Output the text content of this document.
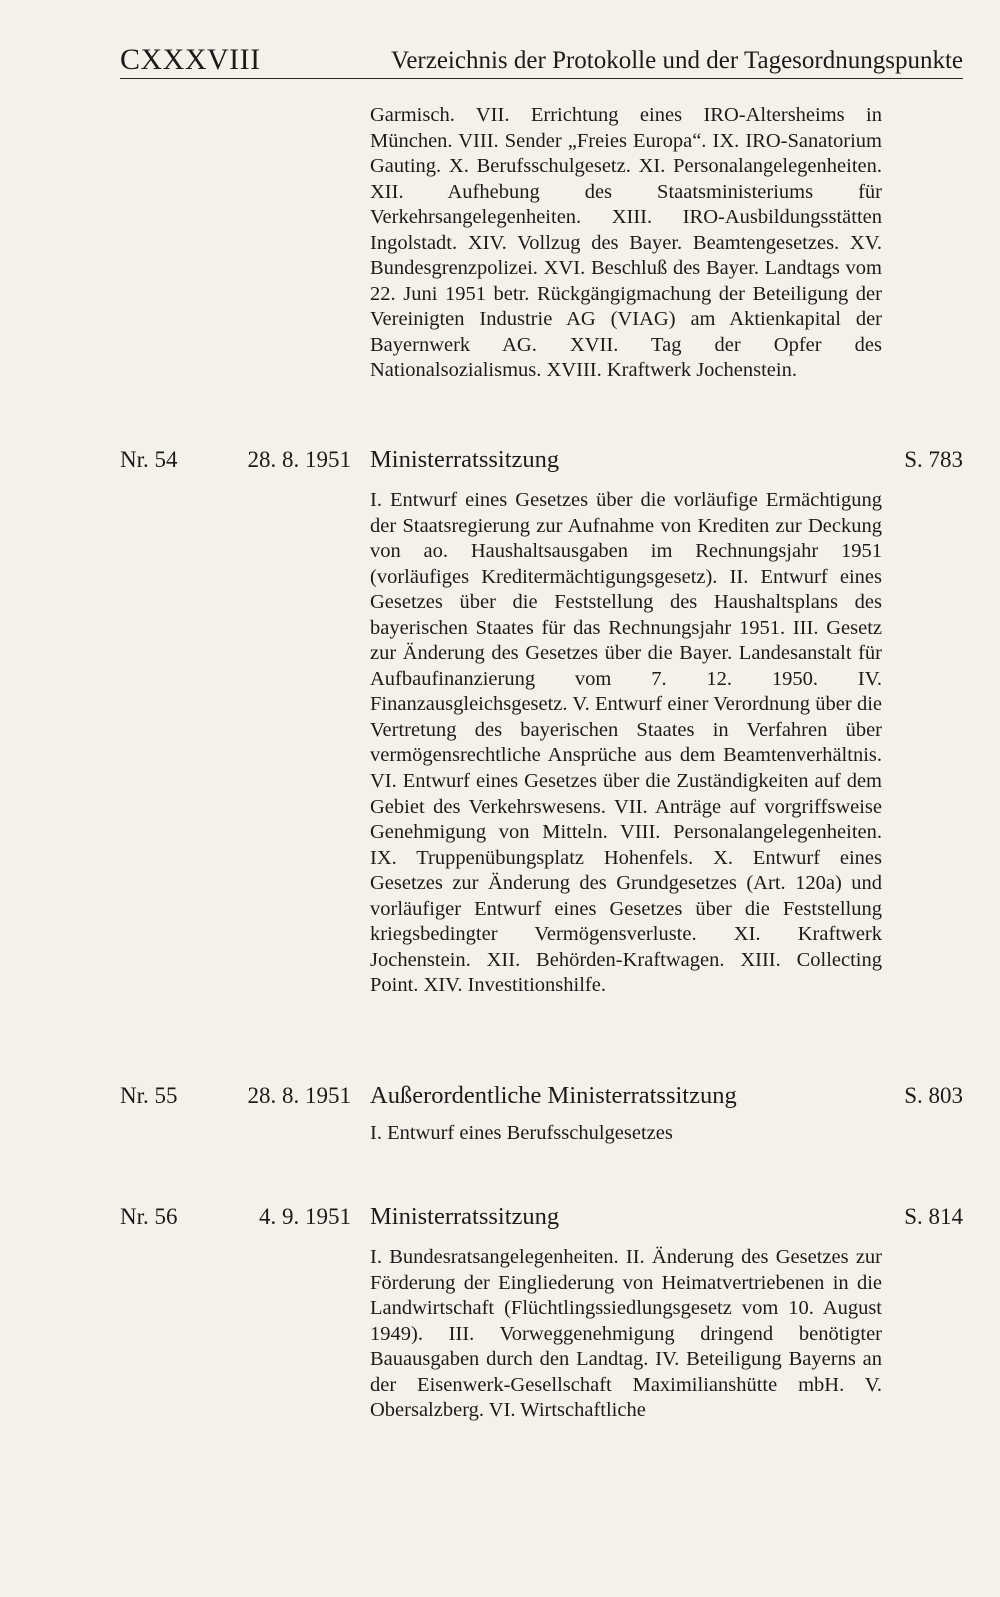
CXXXVIII	Verzeichnis der Protokolle und der Tagesordnungspunkte
Garmisch. VII. Errichtung eines IRO-Altersheims in München. VIII. Sender „Freies Europa“. IX. IRO-Sanatorium Gauting. X. Berufsschulgesetz. XI. Personalangelegenheiten. XII. Aufhebung des Staatsministeriums für Verkehrsangelegenheiten. XIII. IRO-Ausbildungsstätten Ingolstadt. XIV. Vollzug des Bayer. Beamtengesetzes. XV. Bundesgrenzpolizei. XVI. Beschluß des Bayer. Landtags vom 22. Juni 1951 betr. Rückgängigmachung der Beteiligung der Vereinigten Industrie AG (VIAG) am Aktienkapital der Bayernwerk AG. XVII. Tag der Opfer des Nationalsozialismus. XVIII. Kraftwerk Jochenstein.
Nr. 54	28. 8. 1951 Ministerratssitzung	S. 783
I. Entwurf eines Gesetzes über die vorläufige Ermächtigung der Staatsregierung zur Aufnahme von Krediten zur Deckung von ao. Haushaltsausgaben im Rechnungsjahr 1951 (vorläufiges Kreditermächtigungsgesetz). II. Entwurf eines Gesetzes über die Feststellung des Haushaltsplans des bayerischen Staates für das Rechnungsjahr 1951. III. Gesetz zur Änderung des Gesetzes über die Bayer. Landesanstalt für Aufbaufinanzierung vom 7. 12. 1950. IV. Finanzausgleichsgesetz. V. Entwurf einer Verordnung über die Vertretung des bayerischen Staates in Verfahren über vermögensrechtliche Ansprüche aus dem Beamtenverhältnis. VI. Entwurf eines Gesetzes über die Zuständigkeiten auf dem Gebiet des Verkehrswesens. VII. Anträge auf vorgriffsweise Genehmigung von Mitteln. VIII. Personalangelegenheiten. IX. Truppenübungsplatz Hohenfels. X. Entwurf eines Gesetzes zur Änderung des Grundgesetzes (Art. 120a) und vorläufiger Entwurf eines Gesetzes über die Feststellung kriegsbedingter Vermögensverluste. XI. Kraftwerk Jochenstein. XII. Behörden-Kraftwagen. XIII. Collecting Point. XIV. Investitionshilfe.
Nr. 55	28. 8. 1951 Außerordentliche Ministerratssitzung	S. 803
I. Entwurf eines Berufsschulgesetzes
Nr. 56	4. 9. 1951 Ministerratssitzung	S. 814
I. Bundesratsangelegenheiten. II. Änderung des Gesetzes zur Förderung der Eingliederung von Heimatvertriebenen in die Landwirtschaft (Flüchtlingssiedlungsgesetz vom 10. August 1949). III. Vorweggenehmigung dringend benötigter Bauausgaben durch den Landtag. IV. Beteiligung Bayerns an der Eisenwerk-Gesellschaft Maximilianshütte mbH. V. Obersalzberg. VI. Wirtschaftliche
